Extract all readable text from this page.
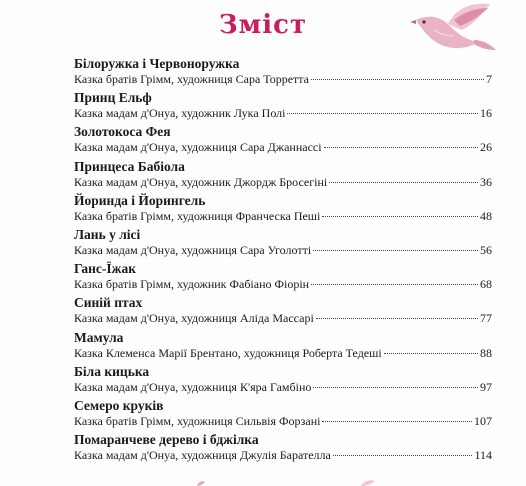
Зміст
Білоружка і Червоноружка
Казка братів Грімм, художниця Сара Торретта	7
Принц Ельф
Казка мадам д'Онуа, художник Лука Полі	16
Золотокоса Фея
Казка мадам д'Онуа, художниця Сара Джаннассі	26
Принцеса Бабіола
Казка мадам д'Онуа, художник Джордж Бросегіні	36
Йоринда і Йорингель
Казка братів Грімм, художниця Франческа Пеші	48
Лань у лісі
Казка мадам д'Онуа, художниця Сара Уголотті	56
Ганс-Їжак
Казка братів Грімм, художник Фабіано Фіорін	68
Синій птах
Казка мадам д'Онуа, художниця Аліда Массарі	77
Мамула
Казка Клеменса Марії Брентано, художниця Роберта Тедеші	88
Біла кицька
Казка мадам д'Онуа, художниця К'яра Гамбіно	97
Семеро круків
Казка братів Грімм, художниця Сильвія Форзані	107
Помаранчеве дерево і бджілка
Казка мадам д'Онуа, художниця Джулія Барателла	114
